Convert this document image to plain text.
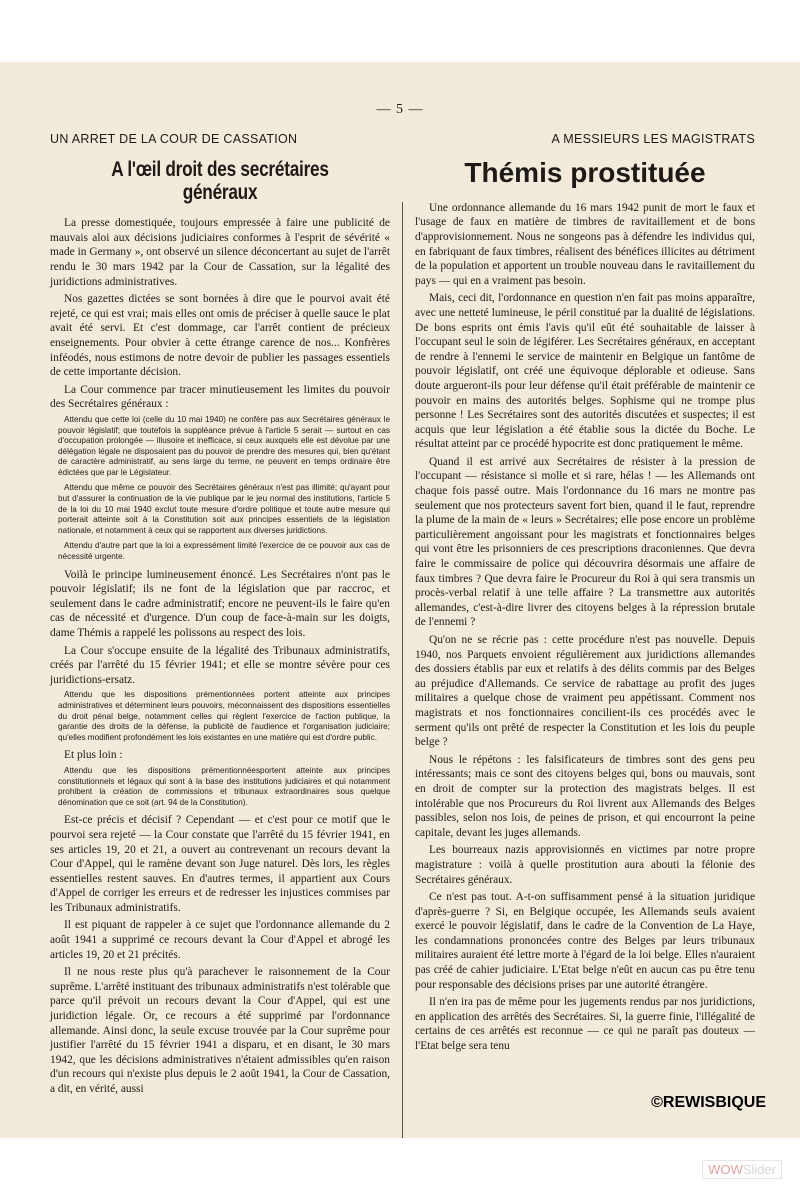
— 5 —
UN ARRET DE LA COUR DE CASSATION
A l'œil droit des secrétaires généraux

La presse domestiquée, toujours empressée à faire une publicité de mauvais aloi aux décisions judiciaires conformes à l'esprit de sévérité « made in Germany », ont observé un silence déconcertant au sujet de l'arrêt rendu le 30 mars 1942 par la Cour de Cassation, sur la légalité des juridictions administratives.

Nos gazettes dictées se sont bornées à dire que le pourvoi avait été rejeté, ce qui est vrai; mais elles ont omis de préciser à quelle sauce le plat avait été servi. Et c'est dommage, car l'arrêt contient de précieux enseignements. Pour obvier à cette étrange carence de nos... Konfrères inféodés, nous estimons de notre devoir de publier les passages essentiels de cette importante décision.

La Cour commence par tracer minutieusement les limites du pouvoir des Secrétaires généraux :

Attendu que cette loi (celle du 10 mai 1940) ne confère pas aux Secrétaires généraux le pouvoir législatif; que toutefois la suppléance prévue à l'article 5 serait — surtout en cas d'occupation prolongée — illusoire et inefficace, si ceux auxquels elle est dévolue par une délégation légale ne disposaient pas du pouvoir de prendre des mesures qui, bien qu'étant de caractère administratif, au sens large du terme, ne peuvent en temps ordinaire être édictées que par le Législateur.

Attendu que même ce pouvoir des Secrétaires généraux n'est pas illimité; qu'ayant pour but d'assurer la continuation de la vie publique par le jeu normal des institutions, l'article 5 de la loi du 10 mai 1940 exclut toute mesure d'ordre politique et toute autre mesure qui porterait atteinte soit à la Constitution soit aux principes essentiels de la législation nationale, et notamment à ceux qui se rapportent aux diverses juridictions.

Attendu d'autre part que la loi a expressément limité l'exercice de ce pouvoir aux cas de nécessité urgente.

Voilà le principe lumineusement énoncé. Les Secrétaires n'ont pas le pouvoir législatif; ils ne font de la législation que par raccroc, et seulement dans le cadre administratif; encore ne peuvent-ils le faire qu'en cas de nécessité et d'urgence. D'un coup de face-à-main sur les doigts, dame Thémis a rappelé les polissons au respect des lois.

La Cour s'occupe ensuite de la légalité des Tribunaux administratifs, créés par l'arrêté du 15 février 1941; et elle se montre sévère pour ces juridictions-ersatz.

Attendu que les dispositions prémentionnées portent atteinte aux principes administratives et déterminent leurs pouvoirs, méconnaissent des dispositions essentielles du droit pénal belge, notamment celles qui règlent l'exercice de l'action publique, la garantie des droits de la défense, la publicité de l'audience et l'organisation judiciaire; qu'elles modifient profondément les lois existantes en une matière qui est d'ordre public.

Et plus loin :

Attendu que les dispositions prémentionnéesportent atteinte aux principes constitutionnels et légaux qui sont à la base des institutions judiciaires et qui notamment prohibent la création de commissions et tribunaux extraordinaires sous quelque dénomination que ce soit (art. 94 de la Constitution).

Est-ce précis et décisif ? Cependant — et c'est pour ce motif que le pourvoi sera rejeté — la Cour constate que l'arrêté du 15 février 1941, en ses articles 19, 20 et 21, a ouvert au contrevenant un recours devant la Cour d'Appel, qui le ramène devant son Juge naturel. Dès lors, les règles essentielles restent sauves. En d'autres termes, il appartient aux Cours d'Appel de corriger les erreurs et de redresser les injustices commises par les Tribunaux administratifs.

Il est piquant de rappeler à ce sujet que l'ordonnance allemande du 2 août 1941 a supprimé ce recours devant la Cour d'Appel et abrogé les articles 19, 20 et 21 précités.

Il ne nous reste plus qu'à parachever le raisonnement de la Cour suprême. L'arrêté instituant des tribunaux administratifs n'est tolérable que parce qu'il prévoit un recours devant la Cour d'Appel, qui est une juridiction légale. Or, ce recours a été supprimé par l'ordonnance allemande. Ainsi donc, la seule excuse trouvée par la Cour suprême pour justifier l'arrêté du 15 février 1941 a disparu, et en disant, le 30 mars 1942, que les décisions administratives n'étaient admissibles qu'en raison d'un recours qui n'existe plus depuis le 2 août 1941, la Cour de Cassation, a dit, en vérité, aussi

A MESSIEURS LES MAGISTRATS
Thémis prostituée

Une ordonnance allemande du 16 mars 1942 punit de mort le faux et l'usage de faux en matière de timbres de ravitaillement et de bons d'approvisionnement. Nous ne songeons pas à défendre les individus qui, en fabriquant de faux timbres, réalisent des bénéfices illicites au détriment de la population et apportent un trouble nouveau dans le ravitaillement du pays — qui en a vraiment pas besoin.

Mais, ceci dit, l'ordonnance en question n'en fait pas moins apparaître, avec une netteté lumineuse, le péril constitué par la dualité de législations. De bons esprits ont émis l'avis qu'il eût été souhaitable de laisser à l'occupant seul le soin de légiférer. Les Secrétaires généraux, en acceptant de rendre à l'ennemi le service de maintenir en Belgique un fantôme de pouvoir législatif, ont créé une équivoque déplorable et odieuse. Sans doute argueront-ils pour leur défense qu'il était préférable de maintenir ce pouvoir en mains des autorités belges. Sophisme qui ne trompe plus personne ! Les Secrétaires sont des autorités discutées et suspectes; il est acquis que leur législation a été établie sous la dictée du Boche. Le résultat atteint par ce procédé hypocrite est donc pratiquement le même.

Quand il est arrivé aux Secrétaires de résister à la pression de l'occupant — résistance si molle et si rare, hélas ! — les Allemands ont chaque fois passé outre. Mais l'ordonnance du 16 mars ne montre pas seulement que nos protecteurs savent fort bien, quand il le faut, reprendre la plume de la main de « leurs » Secrétaires; elle pose encore un problème particulièrement angoissant pour les magistrats et fonctionnaires belges qui vont être les prisonniers de ces prescriptions draconiennes. Que devra faire le commissaire de police qui découvrira désormais une affaire de faux timbres ? Que devra faire le Procureur du Roi à qui sera transmis un procès-verbal relatif à une telle affaire ? La transmettre aux autorités allemandes, c'est-à-dire livrer des citoyens belges à la répression brutale de l'ennemi ?

Qu'on ne se récrie pas : cette procédure n'est pas nouvelle. Depuis 1940, nos Parquets envoient régulièrement aux juridictions allemandes des dossiers établis par eux et relatifs à des délits commis par des Belges au préjudice d'Allemands. Ce service de rabattage au profit des juges militaires a quelque chose de vraiment peu appétissant. Comment nos magistrats et nos fonctionnaires concilient-ils ces procédés avec le serment qu'ils ont prêté de respecter la Constitution et les lois du peuple belge ?

Nous le répétons : les falsificateurs de timbres sont des gens peu intéressants; mais ce sont des citoyens belges qui, bons ou mauvais, sont en droit de compter sur la protection des magistrats belges. Il est intolérable que nos Procureurs du Roi livrent aux Allemands des Belges passibles, selon nos lois, de peines de prison, et qui encourront la peine capitale, devant les juges allemands.

Les bourreaux nazis approvisionnés en victimes par notre propre magistrature : voilà à quelle prostitution aura abouti la félonie des Secrétaires généraux.

Ce n'est pas tout. A-t-on suffisamment pensé à la situation juridique d'après-guerre ? Si, en Belgique occupée, les Allemands seuls avaient exercé le pouvoir législatif, dans le cadre de la Convention de La Haye, les condamnations prononcées contre des Belges par leurs tribunaux militaires auraient été lettre morte à l'égard de la loi belge. Elles n'auraient pas créé de cahier judiciaire. L'Etat belge n'eût en aucun cas pu être tenu pour responsable des décisions prises par une autorité étrangère.

Il n'en ira pas de même pour les jugements rendus par nos juridictions, en application des arrêtés des Secrétaires. Si, la guerre finie, l'illégalité de certains de ces arrêtés est reconnue — ce qui ne paraît pas douteux — l'Etat belge sera tenu

©REWISBIQUE
WOWSlider
